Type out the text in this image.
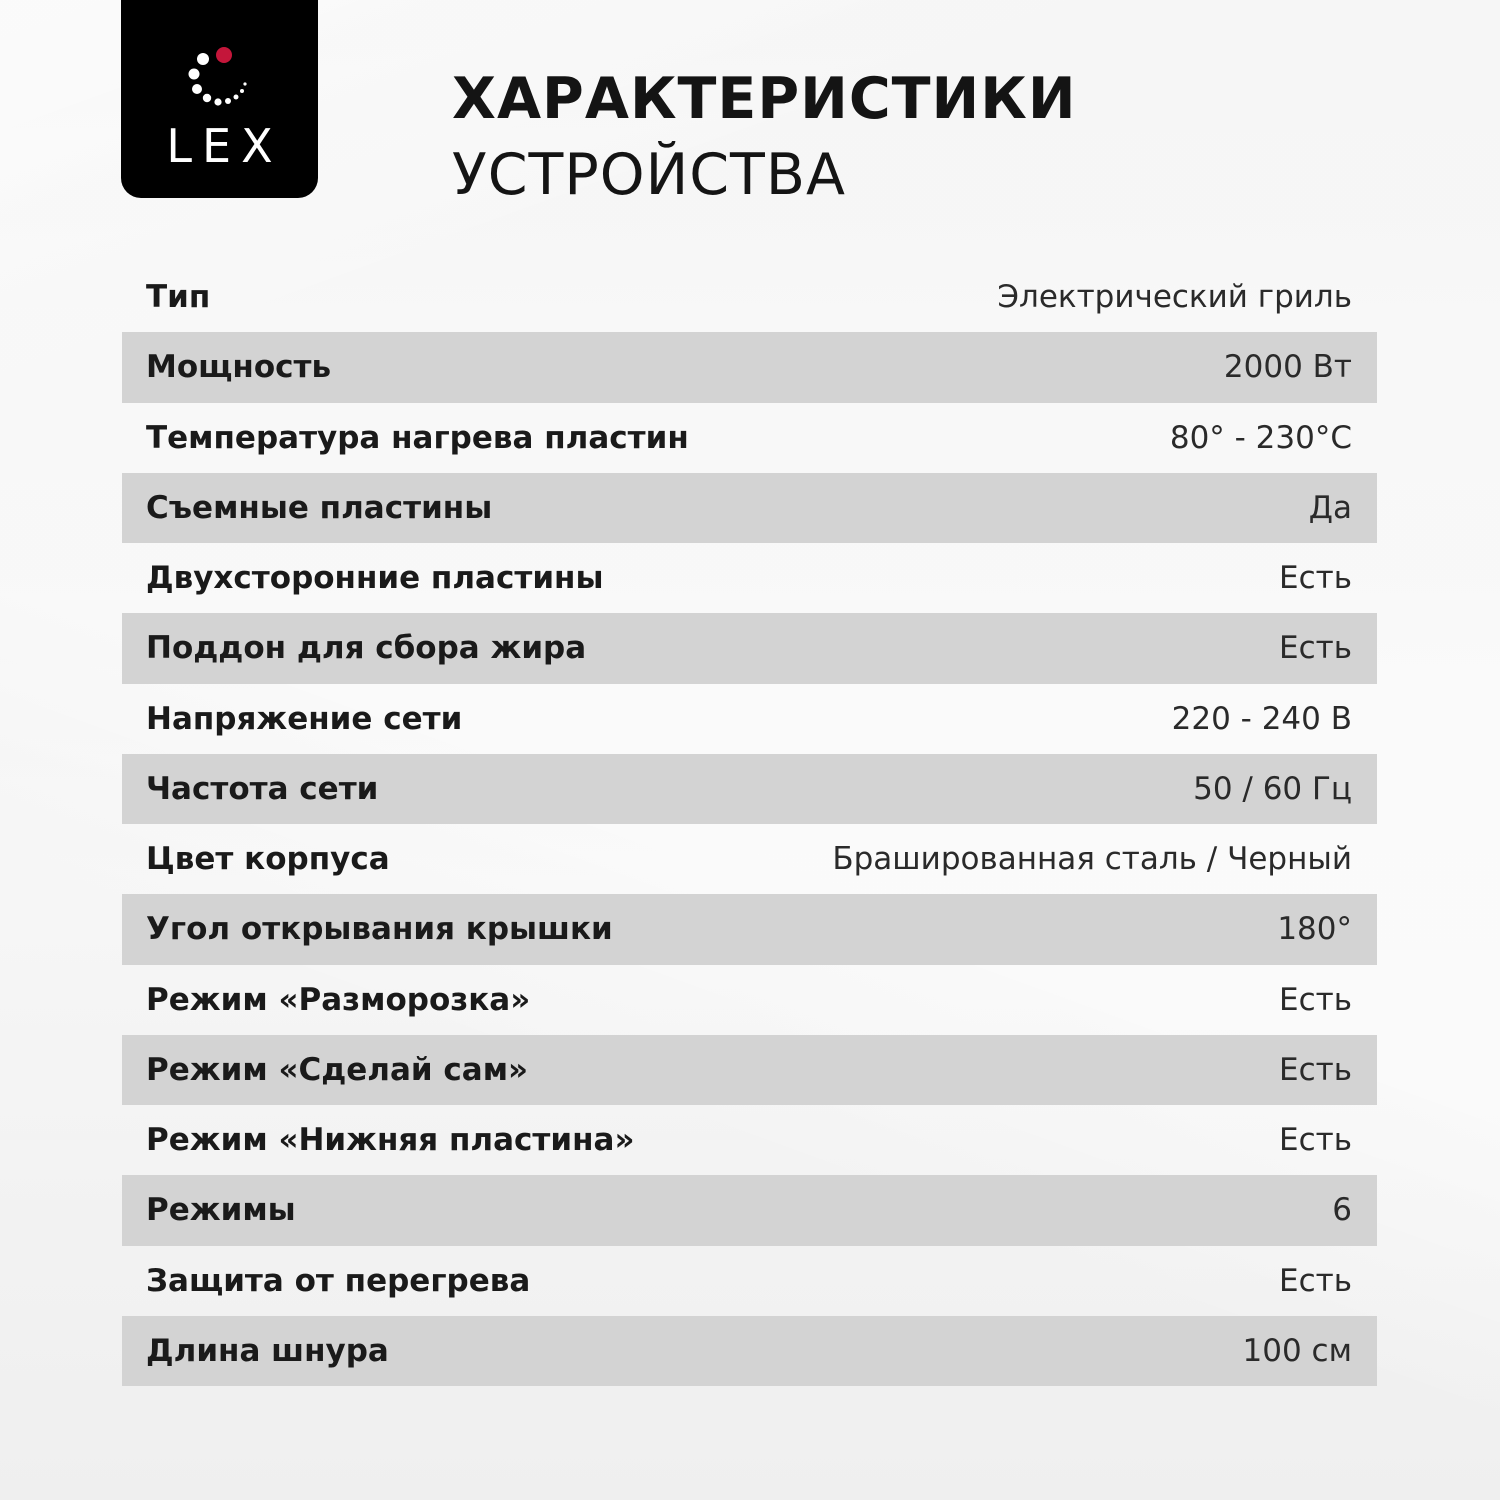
LEX
ХАРАКТЕРИСТИКИ
УСТРОЙСТВА
Тип	Электрический гриль
Мощность	2000 Вт
Температура нагрева пластин	80° - 230°С
Съемные пластины	Да
Двухсторонние пластины	Есть
Поддон для сбора жира	Есть
Напряжение сети	220 - 240 В
Частота сети	50 / 60 Гц
Цвет корпуса	Брашированная сталь / Черный
Угол открывания крышки	180°
Режим «Разморозка»	Есть
Режим «Сделай сам»	Есть
Режим «Нижняя пластина»	Есть
Режимы	6
Защита от перегрева	Есть
Длина шнура	100 см
